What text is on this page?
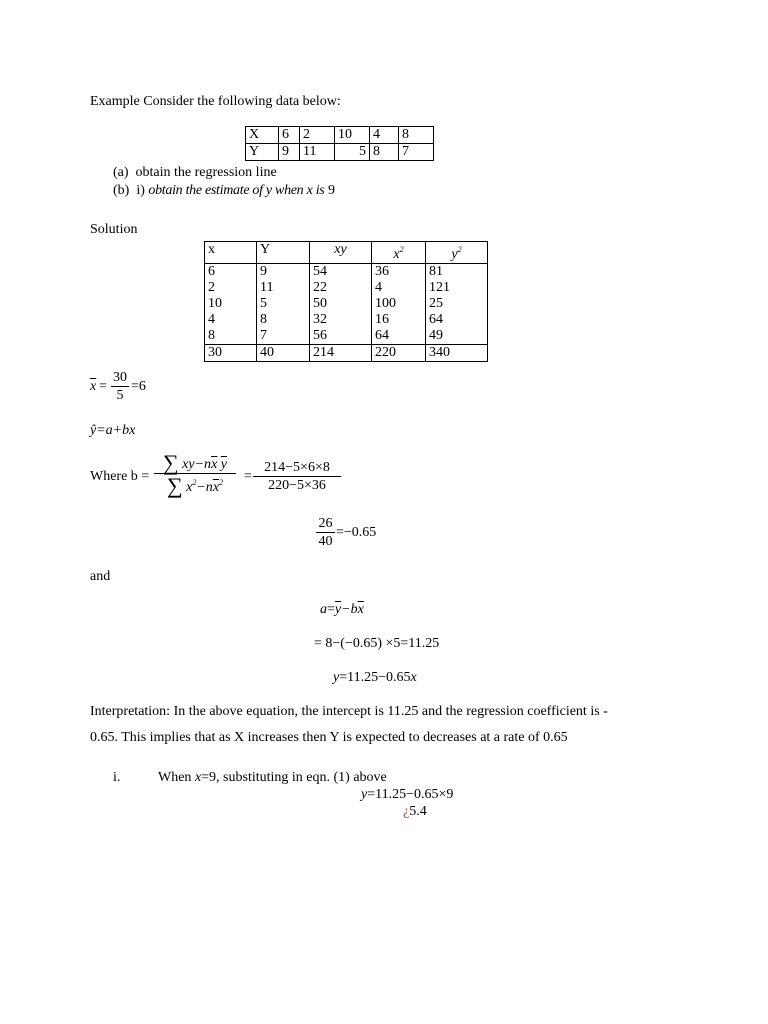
Example Consider the following data below:
X	6	2	10	4	8
Y	9	11	5	8	7
(a) obtain the regression line
(b) i) obtain the estimate of y when x is 9
Solution
x	Y	xy	$x^2$	$y^2$
6	9	54	36	81
2	11	22	4	121
10	5	50	100	25
4	8	32	16	64
8	7	56	64	49
30	40	214	220	340
$\overline{x}$ =
30
5
=6
ŷ=a+bx
Where b =
∑ $xy-n\overline{x}$ $\overline{y}$
∑ $x^2-n\overline{x}^2$	=
214−5×6×8
220−5×36
26
40
=−0.65
and
$a=\overline{y}-b\overline{x}$
= 8−(−0.65) ×5=11.25
y=11.25−0.65x
Interpretation: In the above equation, the intercept is 11.25 and the regression coefficient is -
0.65. This implies that as X increases then Y is expected to decreases at a rate of 0.65
i.	When x=9, substituting in eqn. (1) above
y=11.25−0.65×9
¿5.4
